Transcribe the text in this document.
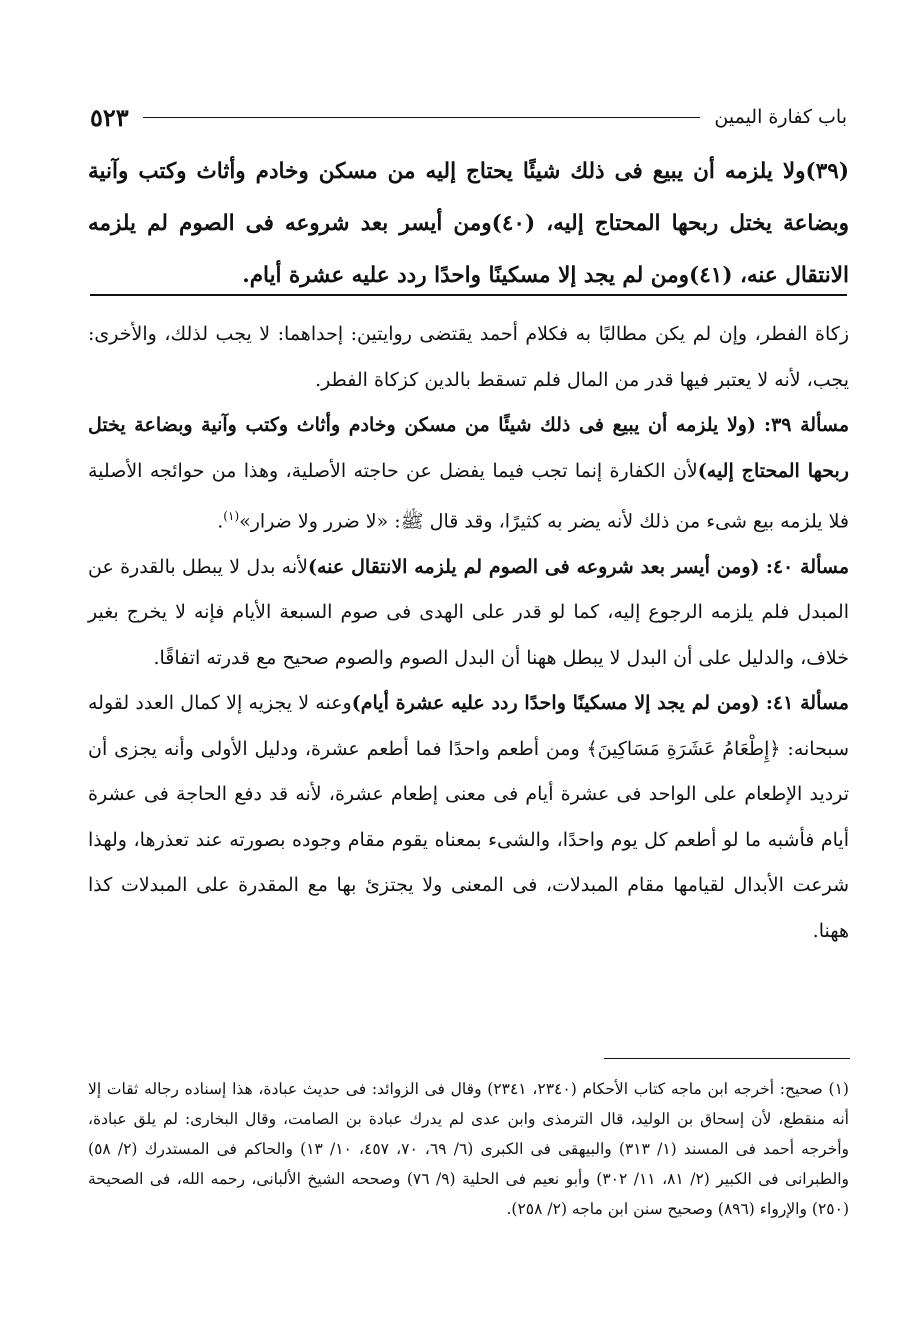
باب كفارة اليمين
٥٢٣
(٣٩)ولا يلزمه أن يبيع فى ذلك شيئًا يحتاج إليه من مسكن وخادم وأثاث وكتب وآنية وبضاعة يختل ربحها المحتاج إليه، (٤٠)ومن أيسر بعد شروعه فى الصوم لم يلزمه الانتقال عنه، (٤١)ومن لم يجد إلا مسكينًا واحدًا ردد عليه عشرة أيام.

زكاة الفطر، وإن لم يكن مطالبًا به فكلام أحمد يقتضى روايتين: إحداهما: لا يجب لذلك، والأخرى: يجب، لأنه لا يعتبر فيها قدر من المال فلم تسقط بالدين كزكاة الفطر.

مسألة ٣٩: (ولا يلزمه أن يبيع فى ذلك شيئًا من مسكن وخادم وأثاث وكتب وآنية وبضاعة يختل ربحها المحتاج إليه)لأن الكفارة إنما تجب فيما يفضل عن حاجته الأصلية، وهذا من حوائجه الأصلية فلا يلزمه بيع شىء من ذلك لأنه يضر به كثيرًا، وقد قال ﷺ: «لا ضرر ولا ضرار»$^{(١)}$.

مسألة ٤٠: (ومن أيسر بعد شروعه فى الصوم لم يلزمه الانتقال عنه)لأنه بدل لا يبطل بالقدرة عن المبدل فلم يلزمه الرجوع إليه، كما لو قدر على الهدى فى صوم السبعة الأيام فإنه لا يخرج بغير خلاف، والدليل على أن البدل لا يبطل ههنا أن البدل الصوم والصوم صحيح مع قدرته اتفاقًا.

مسألة ٤١: (ومن لم يجد إلا مسكينًا واحدًا ردد عليه عشرة أيام)وعنه لا يجزيه إلا كمال العدد لقوله سبحانه: ﴿إِطْعَامُ عَشَرَةِ مَسَاكِينَ﴾ ومن أطعم واحدًا فما أطعم عشرة، ودليل الأولى وأنه يجزى أن ترديد الإطعام على الواحد فى عشرة أيام فى معنى إطعام عشرة، لأنه قد دفع الحاجة فى عشرة أيام فأشبه ما لو أطعم كل يوم واحدًا، والشىء بمعناه يقوم مقام وجوده بصورته عند تعذرها، ولهذا شرعت الأبدال لقيامها مقام المبدلات، فى المعنى ولا يجتزئ بها مع المقدرة على المبدلات كذا ههنا.

(١) صحيح: أخرجه ابن ماجه كتاب الأحكام (٢٣٤٠، ٢٣٤١) وقال فى الزوائد: فى حديث عبادة، هذا إسناده رجاله ثقات إلا أنه منقطع، لأن إسحاق بن الوليد، قال الترمذى وابن عدى لم يدرك عبادة بن الصامت، وقال البخارى: لم يلق عبادة، وأخرجه أحمد فى المسند (١/ ٣١٣) والبيهقى فى الكبرى (٦/ ٦٩، ٧٠، ٤٥٧، ١٠/ ١٣) والحاكم فى المستدرك (٢/ ٥٨) والطبرانى فى الكبير (٢/ ٨١، ١١/ ٣٠٢) وأبو نعيم فى الحلية (٩/ ٧٦) وصححه الشيخ الألبانى، رحمه الله، فى الصحيحة (٢٥٠) والإرواء (٨٩٦) وصحيح سنن ابن ماجه (٢/ ٢٥٨).
